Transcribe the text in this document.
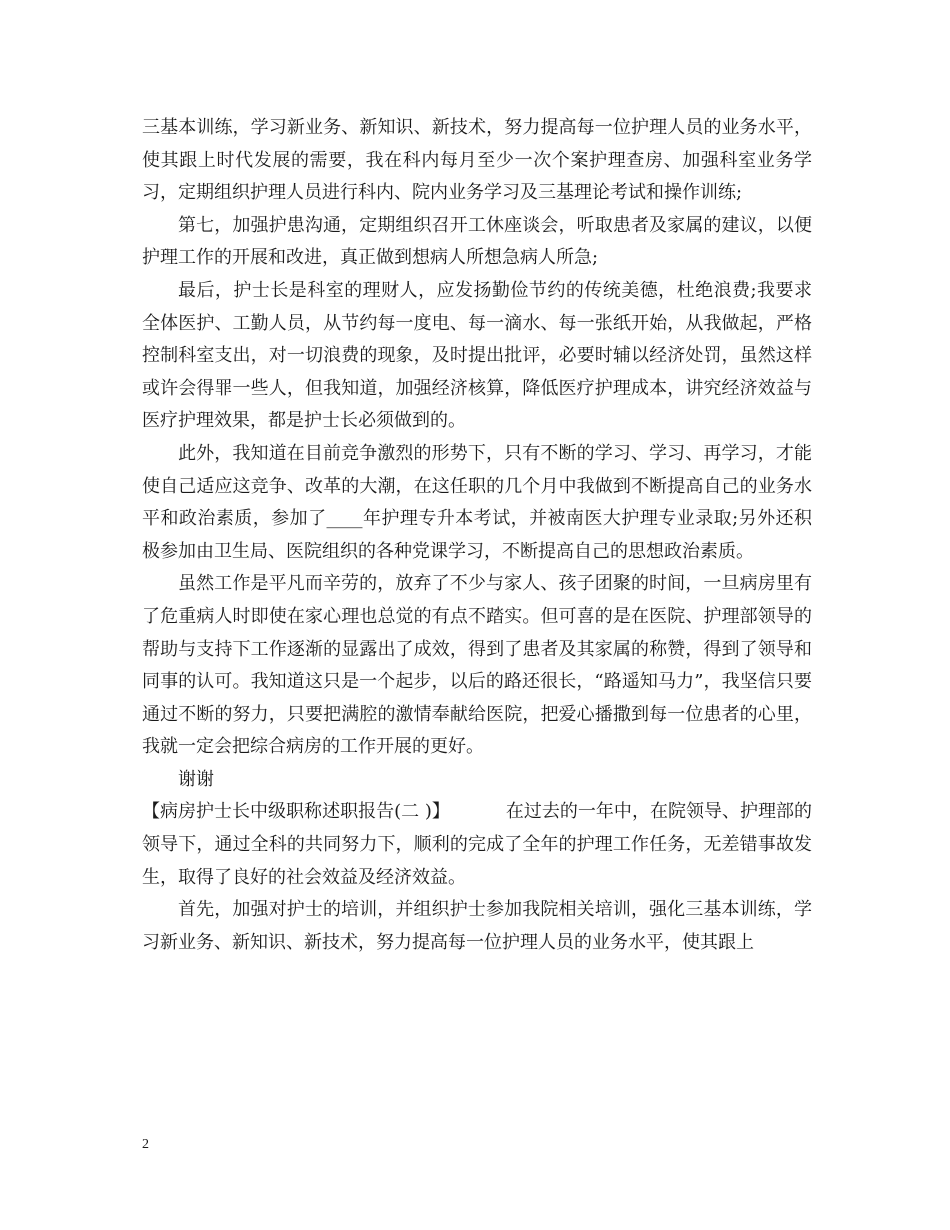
三基本训练，学习新业务、新知识、新技术，努力提高每一位护理人员的业务水平，使其跟上时代发展的需要，我在科内每月至少一次个案护理查房、加强科室业务学习，定期组织护理人员进行科内、院内业务学习及三基理论考试和操作训练;

第七，加强护患沟通，定期组织召开工休座谈会，听取患者及家属的建议，以便护理工作的开展和改进，真正做到想病人所想急病人所急;

最后，护士长是科室的理财人，应发扬勤俭节约的传统美德，杜绝浪费;我要求全体医护、工勤人员，从节约每一度电、每一滴水、每一张纸开始，从我做起，严格控制科室支出，对一切浪费的现象，及时提出批评，必要时辅以经济处罚，虽然这样或许会得罪一些人，但我知道，加强经济核算，降低医疗护理成本，讲究经济效益与医疗护理效果，都是护士长必须做到的。

此外，我知道在目前竞争激烈的形势下，只有不断的学习、学习、再学习，才能使自己适应这竞争、改革的大潮，在这任职的几个月中我做到不断提高自己的业务水平和政治素质，参加了____年护理专升本考试，并被南医大护理专业录取;另外还积极参加由卫生局、医院组织的各种党课学习，不断提高自己的思想政治素质。

虽然工作是平凡而辛劳的，放弃了不少与家人、孩子团聚的时间，一旦病房里有了危重病人时即使在家心理也总觉的有点不踏实。但可喜的是在医院、护理部领导的帮助与支持下工作逐渐的显露出了成效，得到了患者及其家属的称赞，得到了领导和同事的认可。我知道这只是一个起步，以后的路还很长，“路遥知马力”，我坚信只要通过不断的努力，只要把满腔的激情奉献给医院，把爱心播撒到每一位患者的心里，我就一定会把综合病房的工作开展的更好。

谢谢

【病房护士长中级职称述职报告(二 )】	在过去的一年中，在院领导、护理部的领导下，通过全科的共同努力下，顺利的完成了全年的护理工作任务，无差错事故发生，取得了良好的社会效益及经济效益。

首先，加强对护士的培训，并组织护士参加我院相关培训，强化三基本训练，学习新业务、新知识、新技术，努力提高每一位护理人员的业务水平，使其跟上

2
